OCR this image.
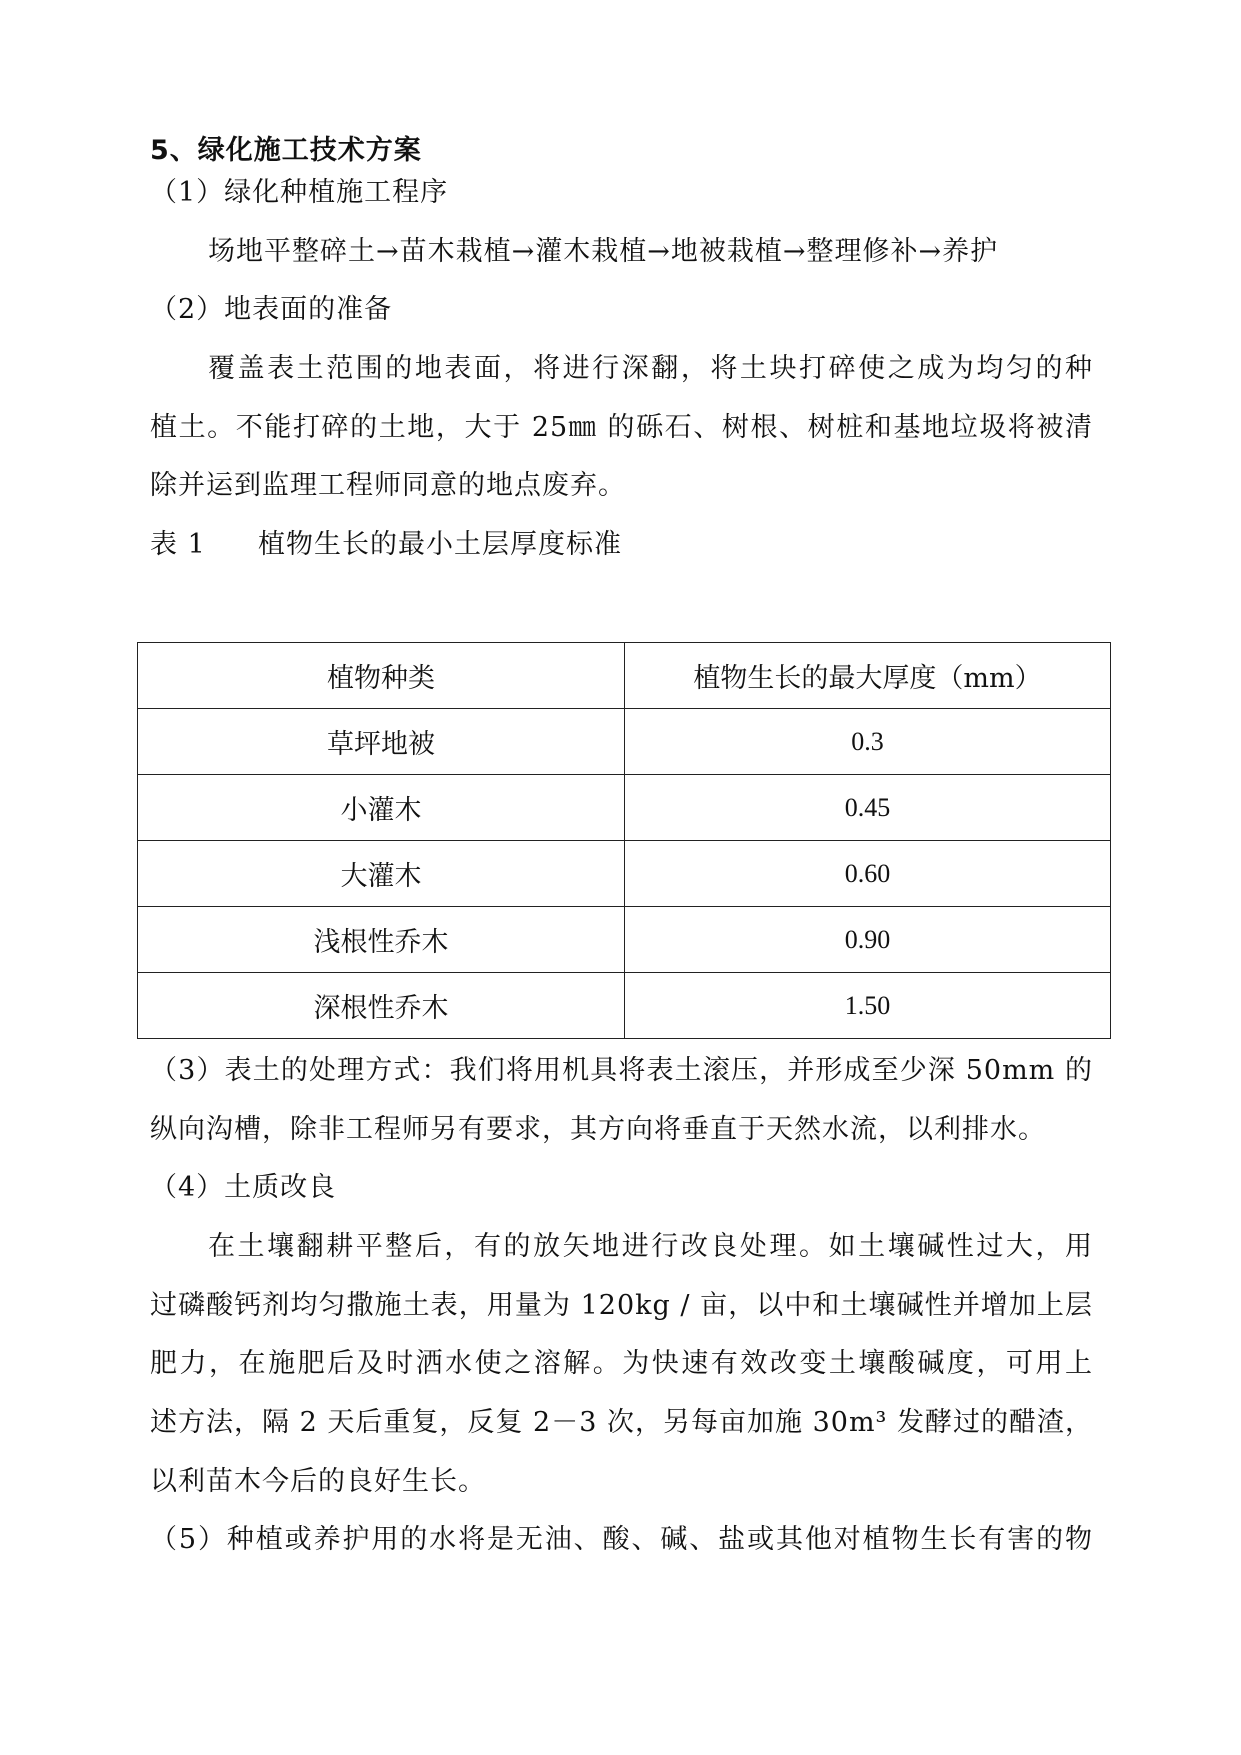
5、绿化施工技术方案
（1）绿化种植施工程序
场地平整碎土→苗木栽植→灌木栽植→地被栽植→整理修补→养护
（2）地表面的准备
覆盖表土范围的地表面，将进行深翻，将土块打碎使之成为均匀的种
植土。不能打碎的土地，大于 25㎜ 的砾石、树根、树桩和基地垃圾将被清
除并运到监理工程师同意的地点废弃。
表 1 植物生长的最小土层厚度标准
植物种类	植物生长的最大厚度（mm）
草坪地被	0.3
小灌木	0.45
大灌木	0.60
浅根性乔木	0.90
深根性乔木	1.50
（3）表土的处理方式：我们将用机具将表土滚压，并形成至少深 50mm 的
纵向沟槽，除非工程师另有要求，其方向将垂直于天然水流，以利排水。
（4）土质改良
在土壤翻耕平整后，有的放矢地进行改良处理。如土壤碱性过大，用
过磷酸钙剂均匀撒施土表，用量为 120kg / 亩，以中和土壤碱性并增加上层
肥力，在施肥后及时洒水使之溶解。为快速有效改变土壤酸碱度，可用上
述方法，隔 2 天后重复，反复 2－3 次，另每亩加施 30m³ 发酵过的醋渣，
以利苗木今后的良好生长。
（5）种植或养护用的水将是无油、酸、碱、盐或其他对植物生长有害的物
